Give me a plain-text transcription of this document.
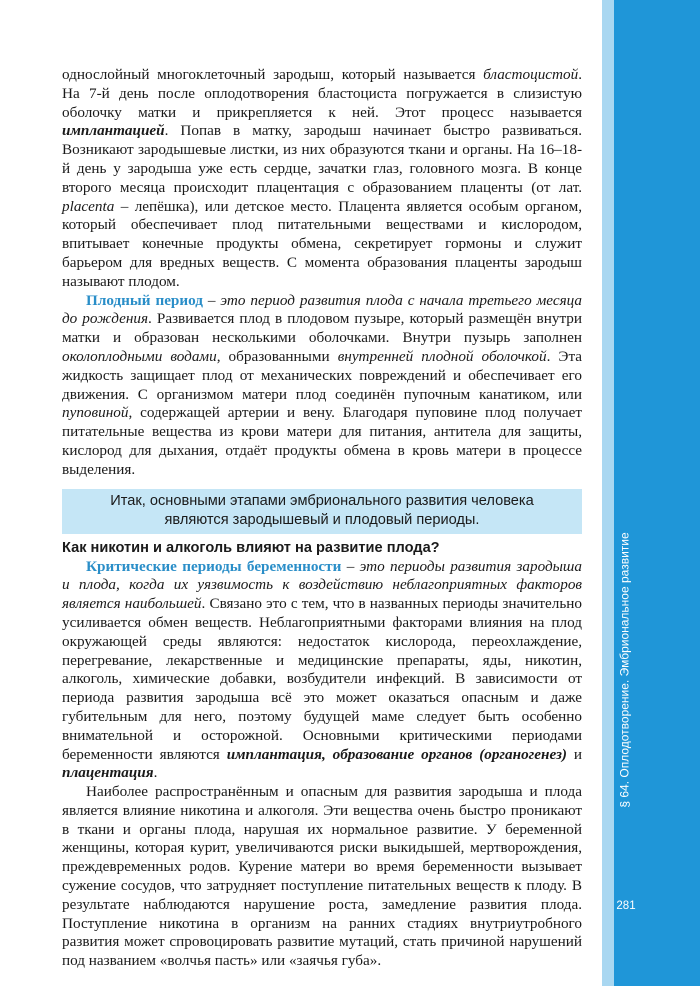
§ 64. Оплодотворение. Эмбриональное развитие
281

однослойный многоклеточный зародыш, который называется бластоцистой. На 7-й день после оплодотворения бластоциста погружается в слизистую оболочку матки и прикрепляется к ней. Этот процесс называется имплантацией. Попав в матку, зародыш начинает быстро развиваться. Возникают зародышевые листки, из них образуются ткани и органы. На 16–18-й день у зародыша уже есть сердце, зачатки глаз, головного мозга. В конце второго месяца происходит плацентация с образованием плаценты (от лат. placenta – лепёшка), или детское место. Плацента является особым органом, который обеспечивает плод питательными веществами и кислородом, впитывает конечные продукты обмена, секретирует гормоны и служит барьером для вредных веществ. С момента образования плаценты зародыш называют плодом.

Плодный период – это период развития плода с начала третьего месяца до рождения. Развивается плод в плодовом пузыре, который размещён внутри матки и образован несколькими оболочками. Внутри пузырь заполнен околоплодными водами, образованными внутренней плодной оболочкой. Эта жидкость защищает плод от механических повреждений и обеспечивает его движения. С организмом матери плод соединён пупочным канатиком, или пуповиной, содержащей артерии и вену. Благодаря пуповине плод получает питательные вещества из крови матери для питания, антитела для защиты, кислород для дыхания, отдаёт продукты обмена в кровь матери в процессе выделения.

Итак, основными этапами эмбрионального развития человека
являются зародышевый и плодовый периоды.
Как никотин и алкоголь влияют на развитие плода?

Критические периоды беременности – это периоды развития зародыша и плода, когда их уязвимость к воздействию неблагоприятных факторов является наибольшей. Связано это с тем, что в названных периоды значительно усиливается обмен веществ. Неблагоприятными факторами влияния на плод окружающей среды являются: недостаток кислорода, переохлаждение, перегревание, лекарственные и медицинские препараты, яды, никотин, алкоголь, химические добавки, возбудители инфекций. В зависимости от периода развития зародыша всё это может оказаться опасным и даже губительным для него, поэтому будущей маме следует быть особенно внимательной и осторожной. Основными критическими периодами беременности являются имплантация, образование органов (органогенез) и плацентация.

Наиболее распространённым и опасным для развития зародыша и плода является влияние никотина и алкоголя. Эти вещества очень быстро проникают в ткани и органы плода, нарушая их нормальное развитие. У беременной женщины, которая курит, увеличиваются риски выкидышей, мертворождения, преждевременных родов. Курение матери во время беременности вызывает сужение сосудов, что затрудняет поступление питательных веществ к плоду. В результате наблюдаются нарушение роста, замедление развития плода. Поступление никотина в организм на ранних стадиях внутриутробного развития может спровоцировать развитие мутаций, стать причиной нарушений под названием «волчья пасть» или «заячья губа».
